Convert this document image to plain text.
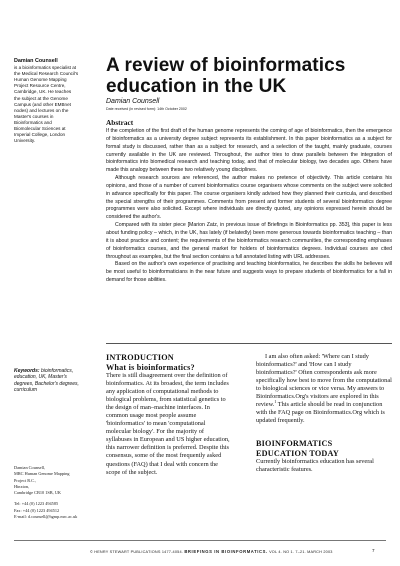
Damian Counsell
is a bioinformatics specialist at
the Medical Research Council's
Human Genome Mapping
Project Resource Centre,
Cambridge, UK. He teaches
the subject at the Genome
Campus (and other EMBnet
nodes) and lectures on the
Master's courses in
Bioinformatics and
Biomolecular Sciences at
Imperial College, London
University.
Keywords: bioinformatics,
education, UK, Master's
degrees, Bachelor's degrees,
curriculum
Damian Counsell,
MRC Human Genome Mapping
Project R.C.,
Hinxton,
Cambridge CB10 1SB, UK
Tel: +44 (0) 1223 494585
Fax: +44 (0) 1223 494512
E-mail: d.counsell@hgmp.mrc.ac.uk
A review of bioinformatics
education in the UK
Damian Counsell
Date received (in revised form): 14th October 2002
Abstract

If the completion of the first draft of the human genome represents the coming of age of bioinformatics, then the emergence of bioinformatics as a university degree subject represents its establishment. In this paper bioinformatics as a subject for formal study is discussed, rather than as a subject for research, and a selection of the taught, mainly graduate, courses currently available in the UK are reviewed. Throughout, the author tries to draw parallels between the integration of bioinformatics into biomedical research and teaching today, and that of molecular biology, two decades ago. Others have made this analogy between these two relatively young disciplines.

Although research sources are referenced, the author makes no pretence of objectivity. This article contains his opinions, and those of a number of current bioinformatics course organisers whose comments on the subject were solicited in advance specifically for this paper. The course organisers kindly advised how they planned their curricula, and described the special strengths of their programmes. Comments from present and former students of several bioinformatics degree programmes were also solicited. Except where individuals are directly quoted, any opinions expressed herein should be considered the author's.

Compared with its sister piece [Marion Zatz, in previous issue of Briefings in Bioinformatics pp. 353], this paper is less about funding policy – which, in the UK, has lately (if belatedly) been more generous towards bioinformatics teaching – than it is about practice and content; the requirements of the bioinformatics research communities, the corresponding emphases of bioinformatics courses, and the general market for holders of bioinformatics degrees. Individual courses are cited throughout as examples, but the final section contains a full annotated listing with URL addresses.

Based on the author's own experience of practising and teaching bioinformatics, he describes the skills he believes will be most useful to bioinformaticians in the near future and suggests ways to prepare students of bioinformatics for a fall in demand for those abilities.

INTRODUCTION
What is bioinformatics?

There is still disagreement over the definition of bioinformatics. At its broadest, the term includes any application of computational methods to biological problems, from statistical genetics to the design of man–machine interfaces. In common usage most people assume 'bioinformatics' to mean 'computational molecular biology'. For the majority of syllabuses in European and US higher education, this narrower definition is preferred. Despite this consensus, some of the most frequently asked questions (FAQ) that I deal with concern the scope of the subject.

I am also often asked: 'Where can I study bioinformatics?' and 'How can I study bioinformatics?' Often correspondents ask more specifically how best to move from the computational to biological sciences or vice versa. My answers to Bioinformatics.Org's visitors are explored in this review.$^1$ This article should be read in conjunction with the FAQ page on Bioinformatics.Org which is updated frequently.

BIOINFORMATICS
EDUCATION TODAY

Currently bioinformatics education has several characteristic features.

© HENRY STEWART PUBLICATIONS 1477-4054. BRIEFINGS IN BIOINFORMATICS. VOL 4. NO 1. 7–21. MARCH 2003	7
